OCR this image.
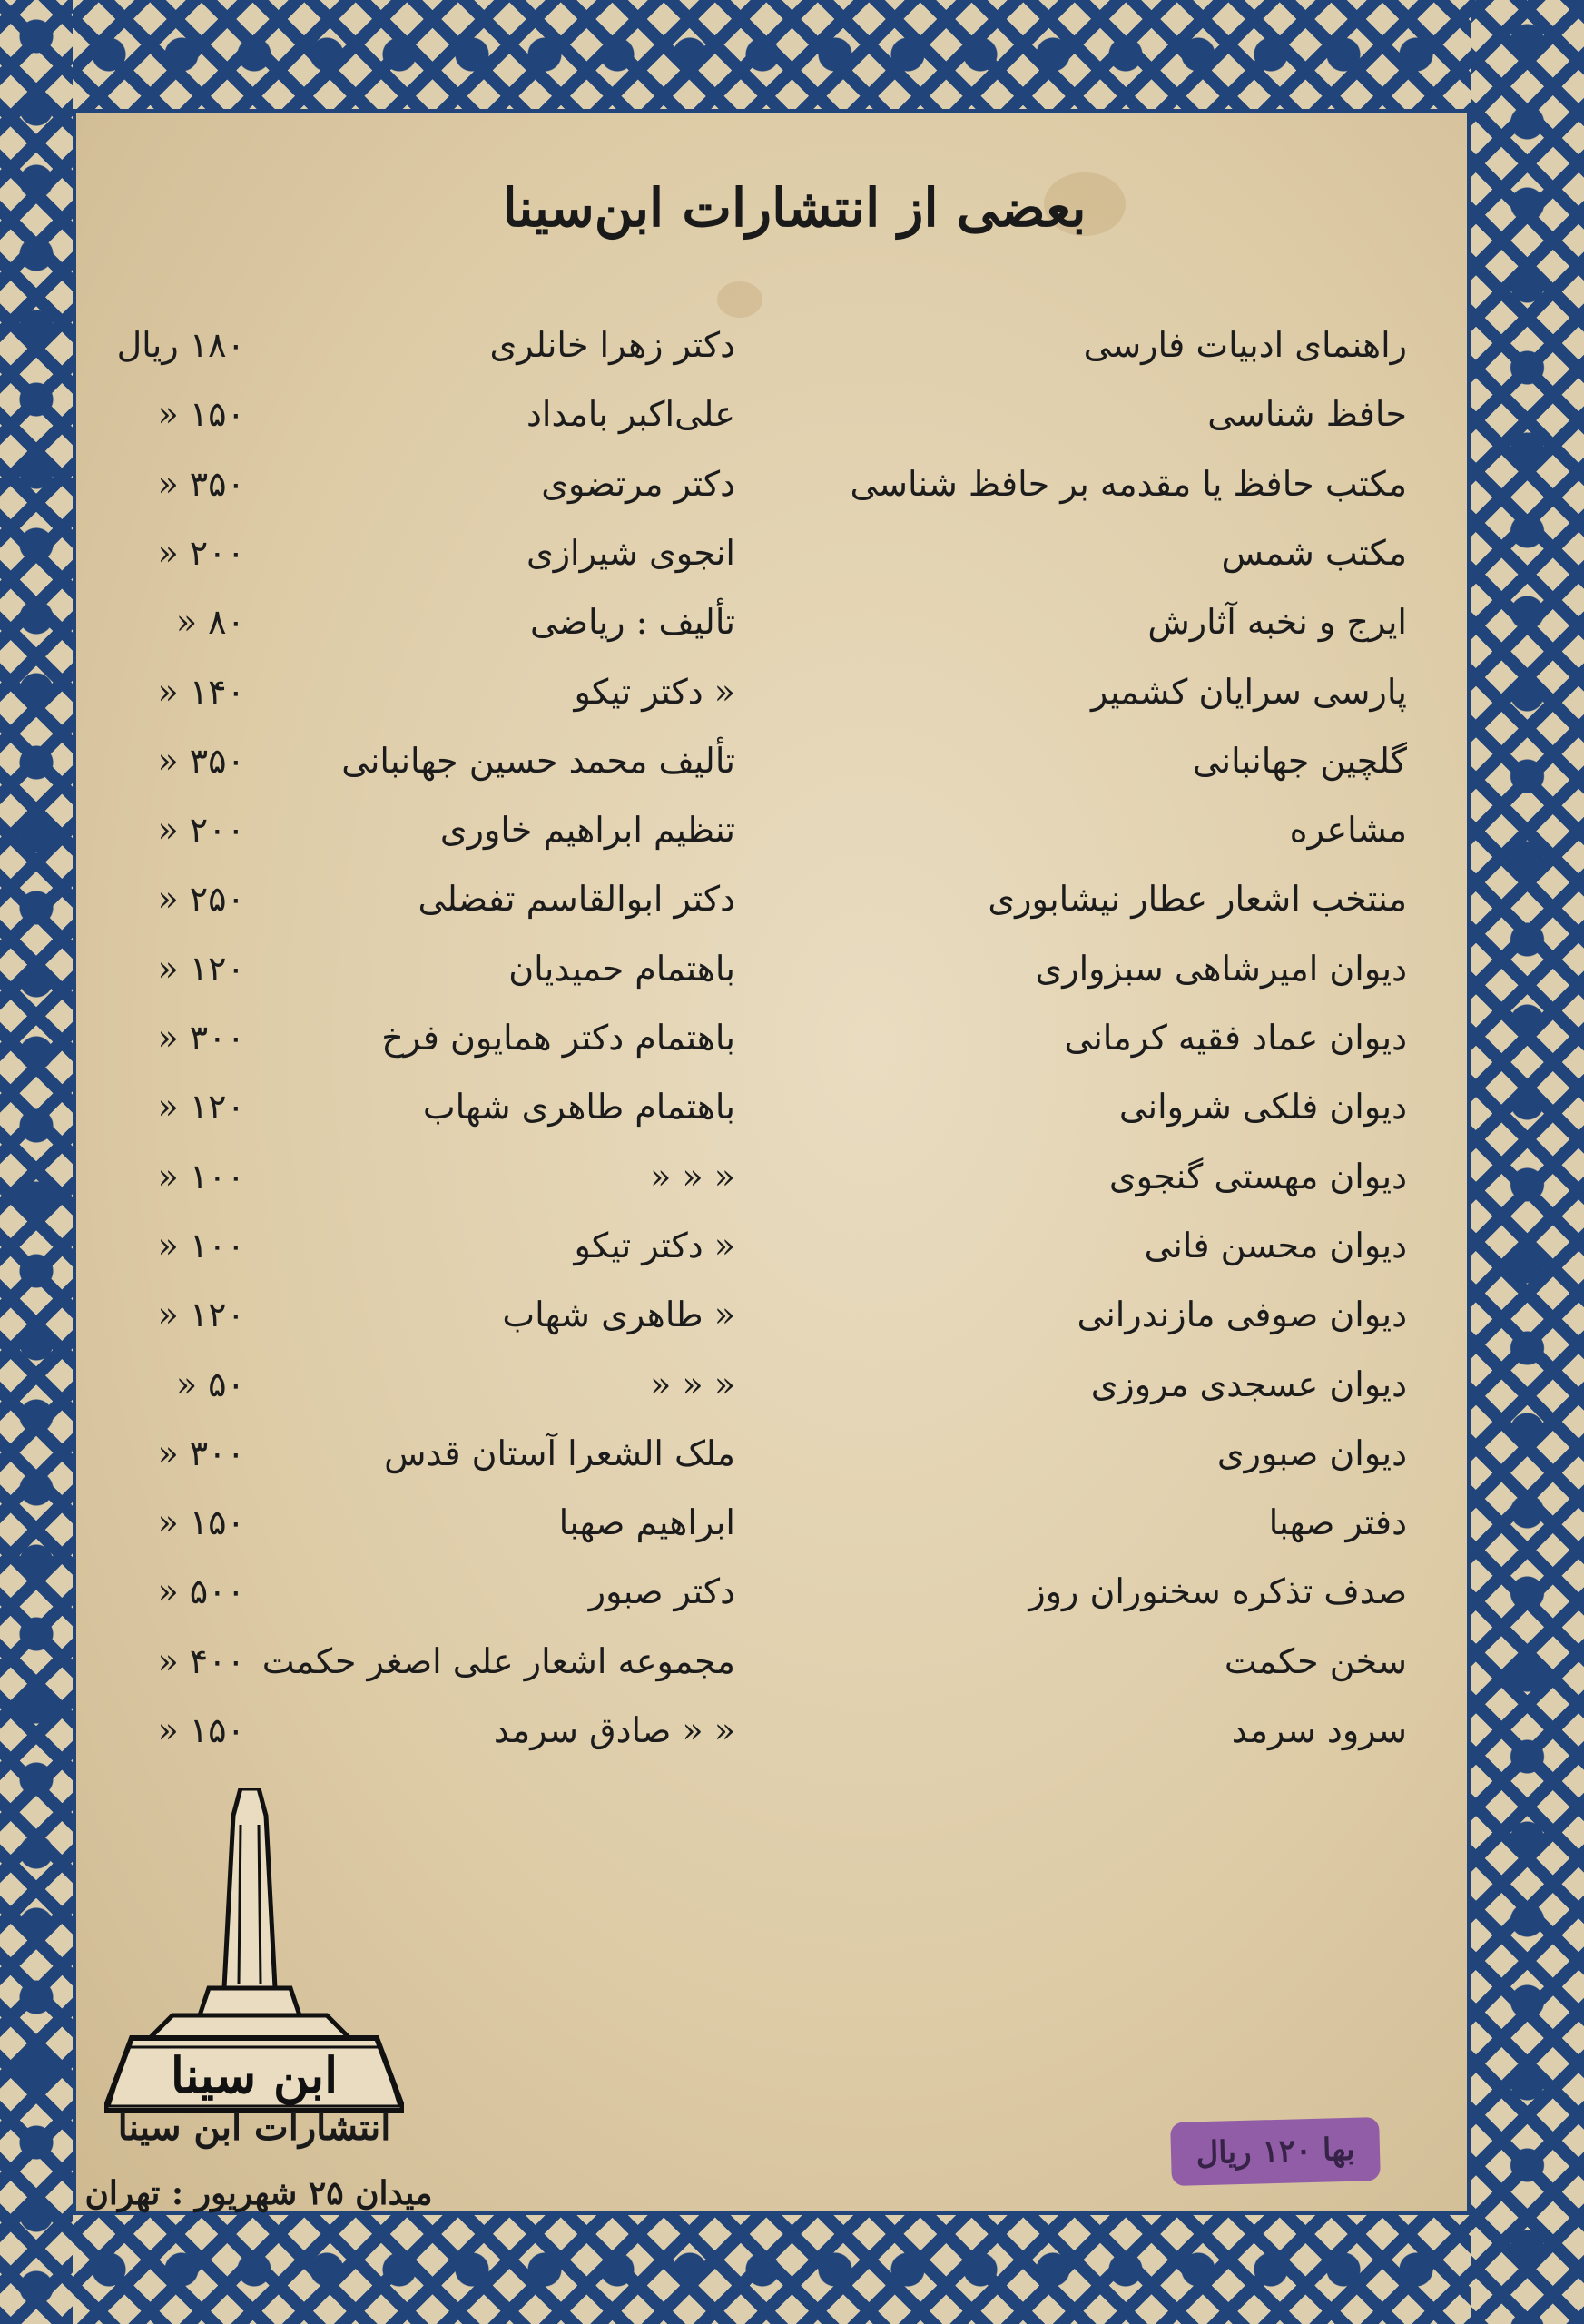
بعضی از انتشارات ابن‌سینا
راهنمای ادبیات فارسی
دکتر زهرا خانلری
۱۸۰ ریال
حافظ شناسی
علی‌اکبر بامداد
۱۵۰ «
مکتب حافظ یا مقدمه بر حافظ شناسی
دکتر مرتضوی
۳۵۰ «
مکتب شمس
انجوی شیرازی
۲۰۰ «
ایرج و نخبه آثارش
تألیف : ریاضی
۸۰ «
پارسی سرایان کشمیر
« دکتر تیکو
۱۴۰ «
گلچین جهانبانی
تألیف محمد حسین جهانبانی
۳۵۰ «
مشاعره
تنظیم ابراهیم خاوری
۲۰۰ «
منتخب اشعار عطار نیشابوری
دکتر ابوالقاسم تفضلی
۲۵۰ «
دیوان امیرشاهی سبزواری
باهتمام حمیدیان
۱۲۰ «
دیوان عماد فقیه کرمانی
باهتمام دکتر همایون فرخ
۳۰۰ «
دیوان فلکی شروانی
باهتمام طاهری شهاب
۱۲۰ «
دیوان مهستی گنجوی
« « «
۱۰۰ «
دیوان محسن فانی
« دکتر تیکو
۱۰۰ «
دیوان صوفی مازندرانی
« طاهری شهاب
۱۲۰ «
دیوان عسجدی مروزی
« « «
۵۰ «
دیوان صبوری
ملک الشعرا آستان قدس
۳۰۰ «
دفتر صهبا
ابراهیم صهبا
۱۵۰ «
صدف تذکره سخنوران روز
دکتر صبور
۵۰۰ «
سخن حکمت
مجموعه اشعار علی اصغر حکمت
۴۰۰ «
سرود سرمد
« « صادق سرمد
۱۵۰ «
ابن سینا
انتشارات ابن سینا
میدان ۲۵ شهریور : تهران
بها ۱۲۰ ریال
